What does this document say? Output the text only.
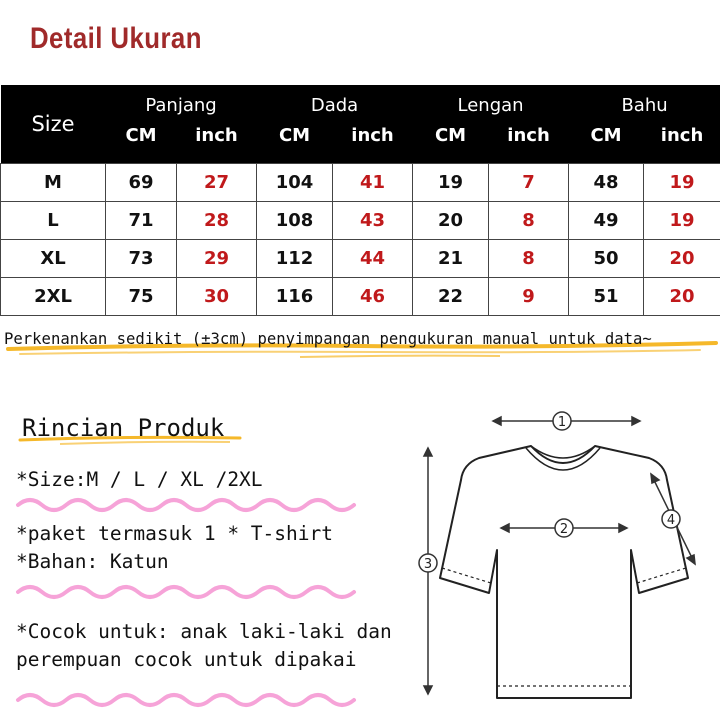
Detail Ukuran
Size	Panjang		Dada		Lengan		Bahu	
	CM	inch	CM	inch	CM	inch	CM	inch
M	69	27	104	41	19	7	48	19
L	71	28	108	43	20	8	49	19
XL	73	29	112	44	21	8	50	20
2XL	75	30	116	46	22	9	51	20
Perkenankan sedikit (±3cm) penyimpangan pengukuran manual untuk data~
Rincian Produk
*Size:M / L / XL /2XL
*paket termasuk 1 * T-shirt
*Bahan: Katun
*Cocok untuk: anak laki-laki dan
perempuan cocok untuk dipakai
1
2
3
4
